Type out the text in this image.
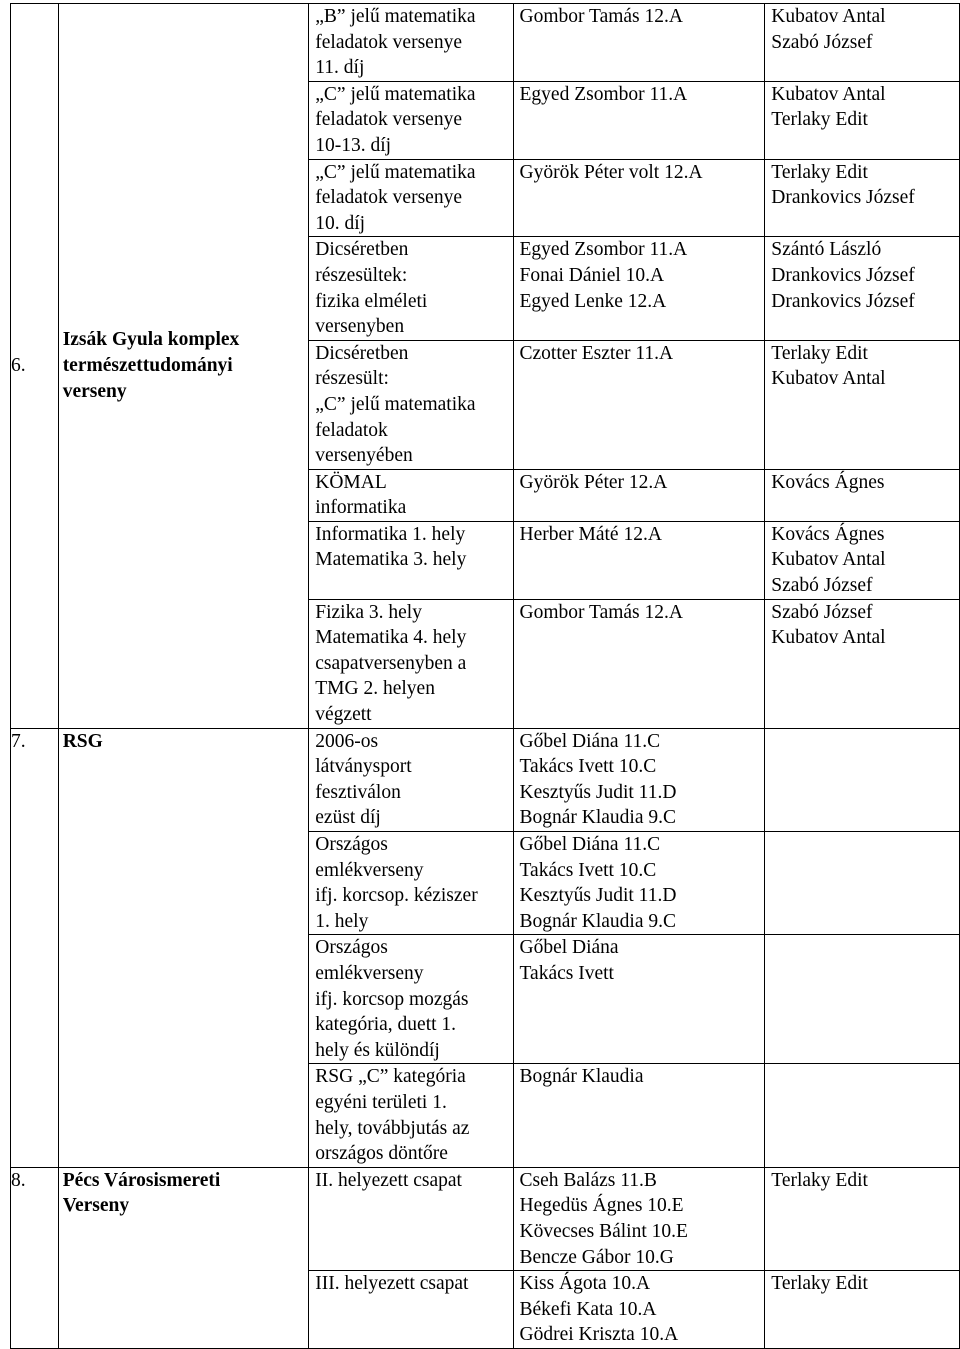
6.	Izsák Gyula komplex
természettudományi
verseny	„B” jelű matematika
feladatok versenye
11. díj	Gombor Tamás 12.A	Kubatov Antal
Szabó József

		„C” jelű matematika
feladatok versenye
10-13. díj	Egyed Zsombor 11.A	Kubatov Antal
Terlaky Edit

		„C” jelű matematika
feladatok versenye
10. díj	Györök Péter volt 12.A	Terlaky Edit
Drankovics József

		Dicséretben
részesültek:
fizika elméleti
versenyben	Egyed Zsombor 11.A
Fonai Dániel 10.A
Egyed Lenke 12.A	Szántó László
Drankovics József
Drankovics József

		Dicséretben
részesült:
„C” jelű matematika
feladatok
versenyében	Czotter Eszter 11.A	Terlaky Edit
Kubatov Antal

		KÖMAL
informatika	Györök Péter 12.A	Kovács Ágnes

		Informatika 1. hely
Matematika 3. hely	Herber Máté 12.A	Kovács Ágnes
Kubatov Antal
Szabó József

		Fizika 3. hely
Matematika 4. hely
csapatversenyben a
TMG 2. helyen
végzett	Gombor Tamás 12.A	Szabó József
Kubatov Antal

7.	RSG	2006-os
látványsport
fesztiválon
ezüst díj	Gőbel Diána 11.C
Takács Ivett 10.C
Kesztyűs Judit 11.D
Bognár Klaudia 9.C	

		Országos
emlékverseny
ifj. korcsop. kéziszer
1. hely	Gőbel Diána 11.C
Takács Ivett 10.C
Kesztyűs Judit 11.D
Bognár Klaudia 9.C	

		Országos
emlékverseny
ifj. korcsop mozgás
kategória, duett 1.
hely és különdíj	Gőbel Diána
Takács Ivett	

		RSG „C” kategória
egyéni területi 1.
hely, továbbjutás az
országos döntőre	Bognár Klaudia	

8.	Pécs Városismereti
Verseny	II. helyezett csapat	Cseh Balázs 11.B
Hegedüs Ágnes 10.E
Kövecses Bálint 10.E
Bencze Gábor 10.G	Terlaky Edit

		III. helyezett csapat	Kiss Ágota 10.A
Békefi Kata 10.A
Gödrei Kriszta 10.A	Terlaky Edit
